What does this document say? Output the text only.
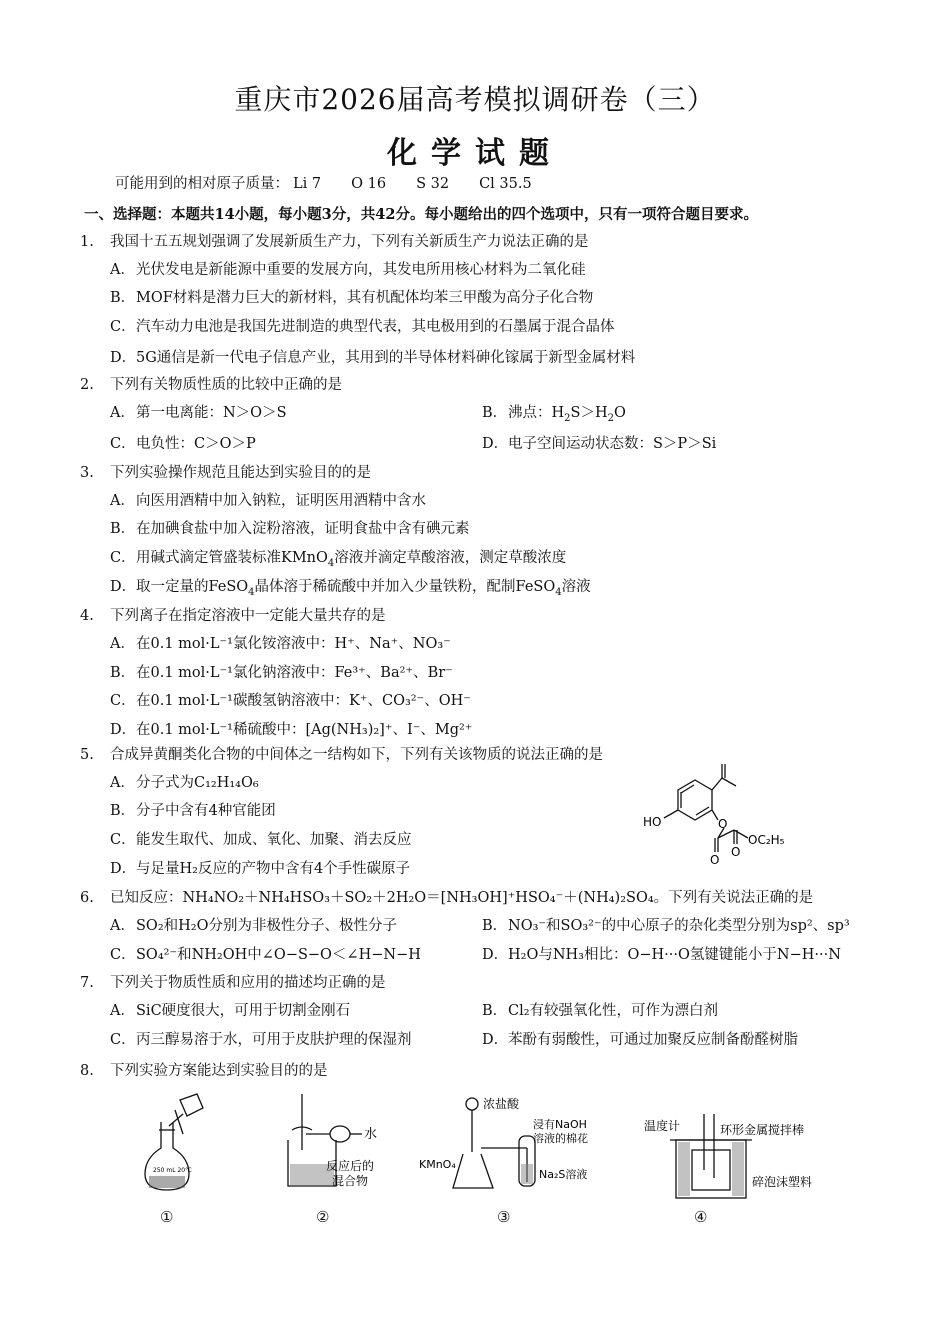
重庆市2026届高考模拟调研卷（三）
化学试题
可能用到的相对原子质量： Li 7 O 16 S 32 Cl 35.5
一、选择题：本题共14小题，每小题3分，共42分。每小题给出的四个选项中，只有一项符合题目要求。
1. 我国十五五规划强调了发展新质生产力，下列有关新质生产力说法正确的是
A．光伏发电是新能源中重要的发展方向，其发电所用核心材料为二氧化硅
B．MOF材料是潜力巨大的新材料，其有机配体均苯三甲酸为高分子化合物
C．汽车动力电池是我国先进制造的典型代表，其电极用到的石墨属于混合晶体
D．5G通信是新一代电子信息产业，其用到的半导体材料砷化镓属于新型金属材料
2. 下列有关物质性质的比较中正确的是
A．第一电离能：N＞O＞S	B．沸点：$H_2S>H_2O$
C．电负性：C＞O＞P	D．电子空间运动状态数：S＞P＞Si
3. 下列实验操作规范且能达到实验目的的是
A．向医用酒精中加入钠粒，证明医用酒精中含水
B．在加碘食盐中加入淀粉溶液，证明食盐中含有碘元素
C．用碱式滴定管盛装标准KMnO$_4$溶液并滴定草酸溶液，测定草酸浓度
D．取一定量的FeSO$_4$晶体溶于稀硫酸中并加入少量铁粉，配制FeSO$_4$溶液
4. 下列离子在指定溶液中一定能大量共存的是
A．在0.1 mol·L⁻¹氯化铵溶液中：H⁺、Na⁺、NO₃⁻
B．在0.1 mol·L⁻¹氯化钠溶液中：Fe³⁺、Ba²⁺、Br⁻
C．在0.1 mol·L⁻¹碳酸氢钠溶液中：K⁺、CO₃²⁻、OH⁻
D．在0.1 mol·L⁻¹稀硫酸中：[Ag(NH₃)₂]⁺、I⁻、Mg²⁺
5. 合成异黄酮类化合物的中间体之一结构如下，下列有关该物质的说法正确的是
A．分子式为C₁₂H₁₄O₆
B．分子中含有4种官能团
C．能发生取代、加成、氧化、加聚、消去反应
D．与足量H₂反应的产物中含有4个手性碳原子
HO	O
O
O
OC₂H₅
6. 已知反应：NH₄NO₂＋NH₄HSO₃＋SO₂＋2H₂O＝[NH₃OH]⁺HSO₄⁻＋(NH₄)₂SO₄。下列有关说法正确的是
A．SO₂和H₂O分别为非极性分子、极性分子	B．NO₃⁻和SO₃²⁻的中心原子的杂化类型分别为sp²、sp³
C．SO₄²⁻和NH₂OH中∠O−S−O＜∠H−N−H	D．H₂O与NH₃相比：O−H···O氢键键能小于N−H···N
7. 下列关于物质性质和应用的描述均正确的是
A．SiC硬度很大，可用于切割金刚石	B．Cl₂有较强氧化性，可作为漂白剂
C．丙三醇易溶于水，可用于皮肤护理的保湿剂	D．苯酚有弱酸性，可通过加聚反应制备酚醛树脂
8. 下列实验方案能达到实验目的的是
250 mL 20℃
①
水
反应后的
混合物
②
浓盐酸
浸有NaOH
溶液的棉花
KMnO₄
Na₂S溶液
③
温度计	环形金属搅拌棒
碎泡沫塑料
④
